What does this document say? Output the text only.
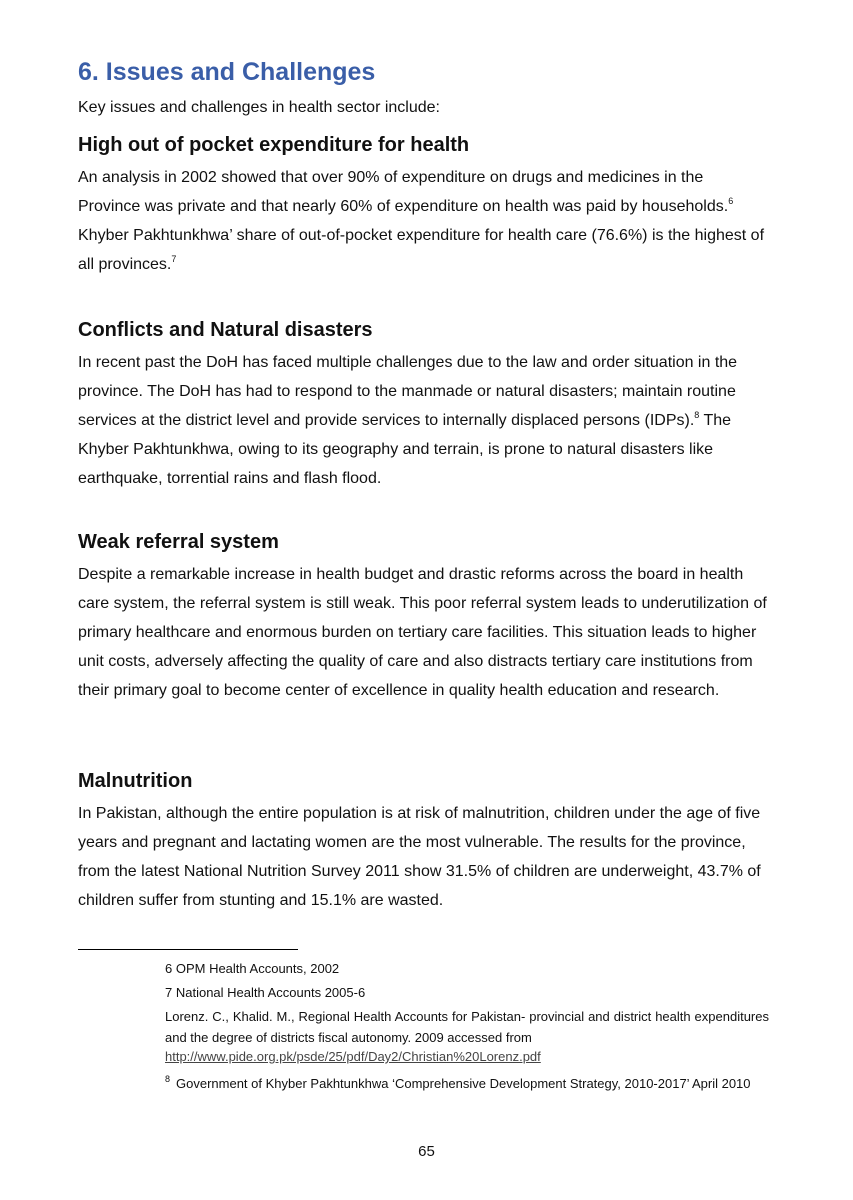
6. Issues and Challenges

Key issues and challenges in health sector include:

High out of pocket expenditure for health

An analysis in 2002 showed that over 90% of expenditure on drugs and medicines in the Province was private and that nearly 60% of expenditure on health was paid by households.$^6$ Khyber Pakhtunkhwa’ share of out-of-pocket expenditure for health care (76.6%) is the highest of all provinces.$^7$

Conflicts and Natural disasters

In recent past the DoH has faced multiple challenges due to the law and order situation in the province. The DoH has had to respond to the manmade or natural disasters; maintain routine services at the district level and provide services to internally displaced persons (IDPs).$^8$ The Khyber Pakhtunkhwa, owing to its geography and terrain, is prone to natural disasters like earthquake, torrential rains and flash flood.

Weak referral system

Despite a remarkable increase in health budget and drastic reforms across the board in health care system, the referral system is still weak. This poor referral system leads to underutilization of primary healthcare and enormous burden on tertiary care facilities. This situation leads to higher unit costs, adversely affecting the quality of care and also distracts tertiary care institutions from their primary goal to become center of excellence in quality health education and research.

Malnutrition

In Pakistan, although the entire population is at risk of malnutrition, children under the age of five years and pregnant and lactating women are the most vulnerable. The results for the province, from the latest National Nutrition Survey 2011 show 31.5% of children are underweight, 43.7% of children suffer from stunting and 15.1% are wasted.

6 OPM Health Accounts, 2002

7 National Health Accounts 2005-6

Lorenz. C., Khalid. M., Regional Health Accounts for Pakistan- provincial and district health expenditures and the degree of districts fiscal autonomy. 2009 accessed from

http://www.pide.org.pk/psde/25/pdf/Day2/Christian%20Lorenz.pdf

$^8$ Government of Khyber Pakhtunkhwa ‘Comprehensive Development Strategy, 2010-2017’ April 2010

65
